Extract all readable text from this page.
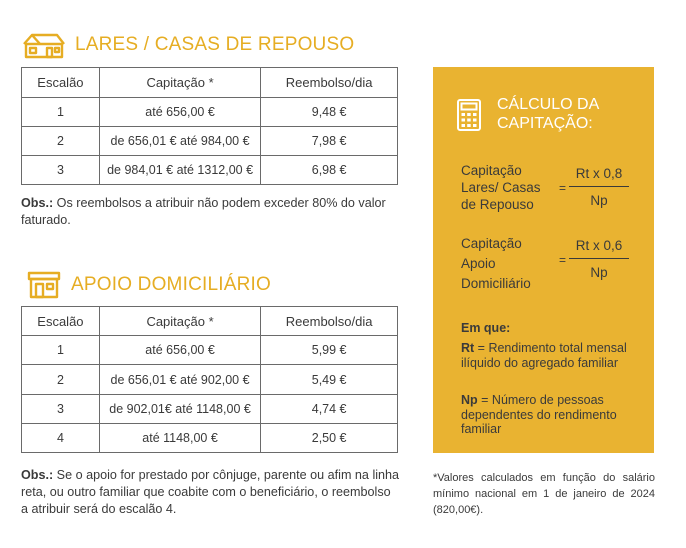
LARES / CASAS DE REPOUSO
Escalão	Capitação *	Reembolso/dia
1	até 656,00 €	9,48 €
2	de 656,01 € até 984,00 €	7,98 €
3	de 984,01 € até 1312,00 €	6,98 €
Obs.: Os reembolsos a atribuir não podem exceder 80% do valor faturado.
APOIO DOMICILIÁRIO
Escalão	Capitação *	Reembolso/dia
1	até 656,00 €	5,99 €
2	de 656,01 € até 902,00 €	5,49 €
3	de 902,01€ até 1148,00 €	4,74 €
4	até 1148,00 €	2,50 €
Obs.: Se o apoio for prestado por cônjuge, parente ou afim na linha reta, ou outro familiar que coabite com o beneficiário, o reembolso a atribuir será do escalão 4.
CÁLCULO DA
CAPITAÇÃO:
Capitação
Lares/ Casas
de Repouso
= $\frac{\text{Rt x 0,8}}{Np}$
Capitação
Apoio
Domiciliário
= $\frac{\text{Rt x 0,6}}{Np}$
Em que:
Rt = Rendimento total mensal ilíquido do agregado familiar
Np = Número de pessoas dependentes do rendimento familiar
*Valores calculados em função do salário mínimo nacional em 1 de janeiro de 2024 (820,00€).
